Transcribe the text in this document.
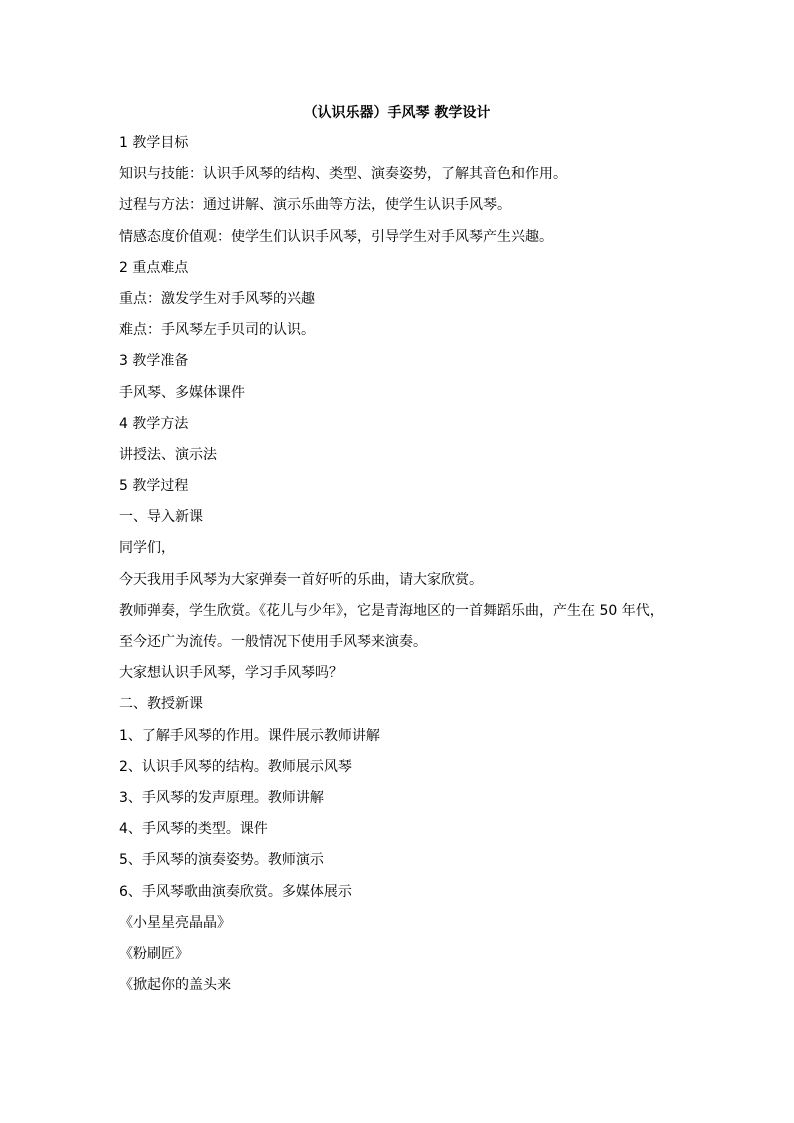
（认识乐器）手风琴 教学设计
1 教学目标
知识与技能：认识手风琴的结构、类型、演奏姿势，了解其音色和作用。
过程与方法：通过讲解、演示乐曲等方法，使学生认识手风琴。
情感态度价值观：使学生们认识手风琴，引导学生对手风琴产生兴趣。
2 重点难点
重点：激发学生对手风琴的兴趣
难点：手风琴左手贝司的认识。
3 教学准备
手风琴、多媒体课件
4 教学方法
讲授法、演示法
5 教学过程
一、导入新课
同学们，
今天我用手风琴为大家弹奏一首好听的乐曲，请大家欣赏。
教师弹奏，学生欣赏。《花儿与少年》，它是青海地区的一首舞蹈乐曲，产生在 50 年代，
至今还广为流传。一般情况下使用手风琴来演奏。
大家想认识手风琴，学习手风琴吗？
二、教授新课
1、了解手风琴的作用。课件展示教师讲解
2、认识手风琴的结构。教师展示风琴
3、手风琴的发声原理。教师讲解
4、手风琴的类型。课件
5、手风琴的演奏姿势。教师演示
6、手风琴歌曲演奏欣赏。多媒体展示
《小星星亮晶晶》
《粉刷匠》
《掀起你的盖头来
